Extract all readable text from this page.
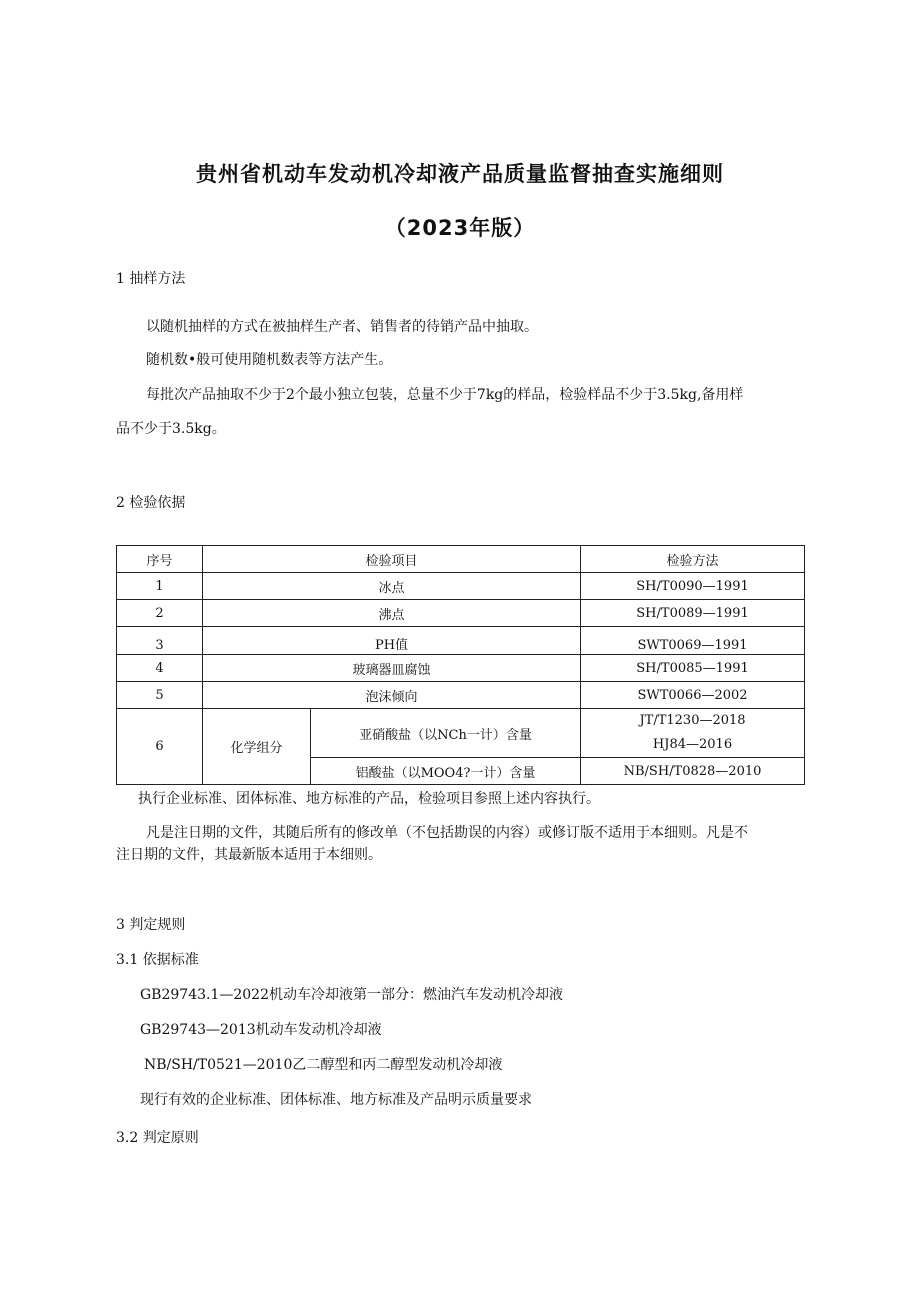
贵州省机动车发动机冷却液产品质量监督抽查实施细则
（2023年版）
1 抽样方法
以随机抽样的方式在被抽样生产者、销售者的待销产品中抽取。
随机数•般可使用随机数表等方法产生。
每批次产品抽取不少于2个最小独立包装，总量不少于7kg的样品，检验样品不少于3.5kg,备用样
品不少于3.5kg。
2 检验依据
序号	检验项目		检验方法
1	冰点		SH/T0090—1991
2	沸点		SH/T0089—1991
3	PH值		SWT0069—1991
4	玻璃器皿腐蚀		SH/T0085—1991
5	泡沫倾向		SWT0066—2002
6	化学组分	亚硝酸盐（以NCh一计）含量	JT/T1230—2018
HJ84—2016

		铝酸盐（以MOO4?一计）含量	NB/SH/T0828—2010
执行企业标准、团体标准、地方标准的产品，检验项目参照上述内容执行。
凡是注日期的文件，其随后所有的修改单（不包括勘误的内容）或修订版不适用于本细则。凡是不
注日期的文件，其最新版本适用于本细则。
3 判定规则
3.1 依据标准
GB29743.1—2022机动车冷却液第一部分：燃油汽车发动机冷却液
GB29743—2013机动车发动机冷却液
NB/SH/T0521—2010乙二醇型和丙二醇型发动机冷却液
现行有效的企业标准、团体标准、地方标准及产品明示质量要求
3.2 判定原则
